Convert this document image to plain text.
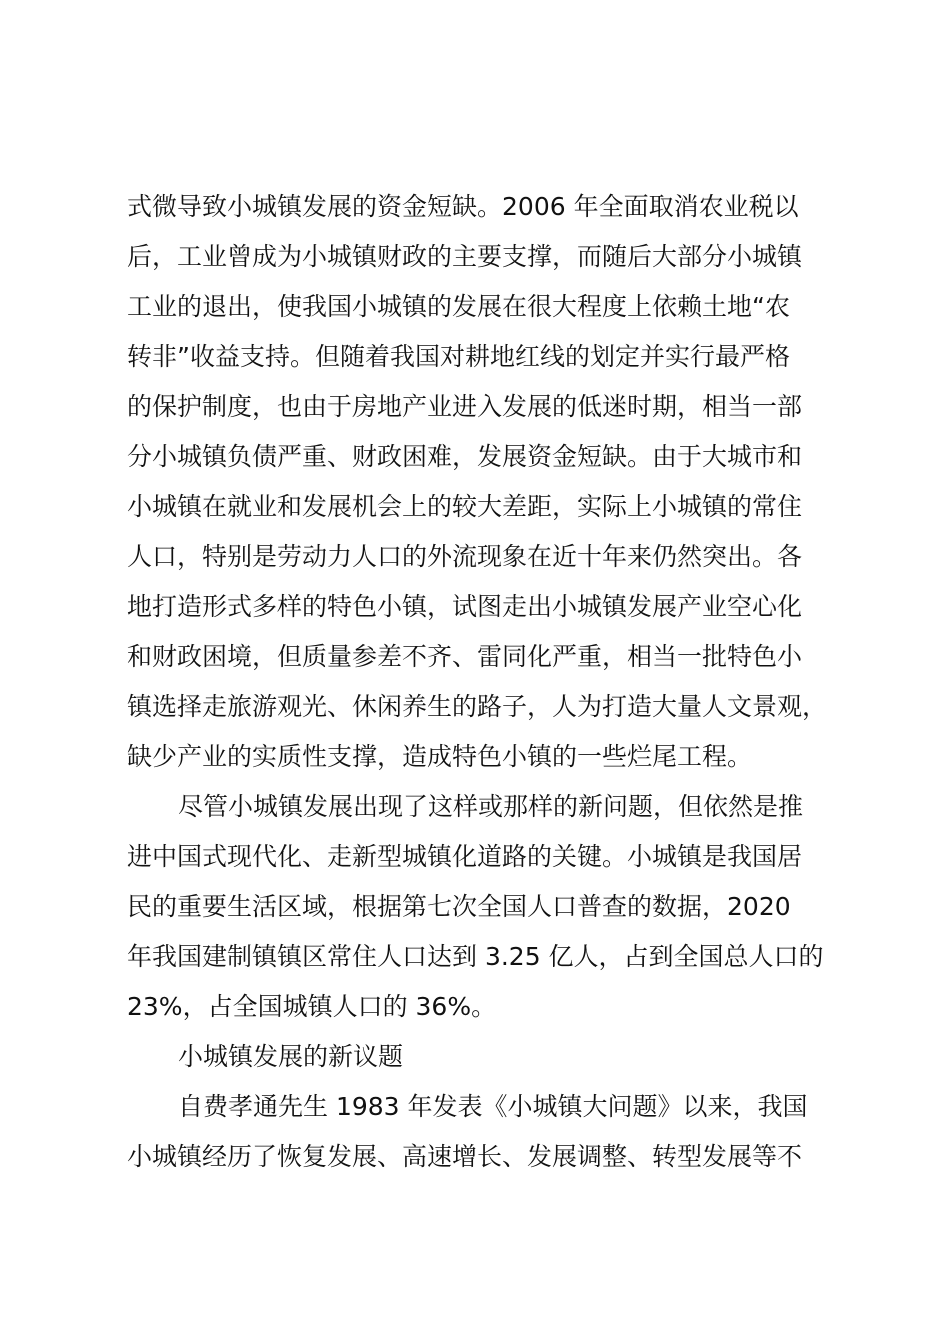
式微导致小城镇发展的资金短缺。2006 年全面取消农业税以
后，工业曾成为小城镇财政的主要支撑，而随后大部分小城镇
工业的退出，使我国小城镇的发展在很大程度上依赖土地“农
转非”收益支持。但随着我国对耕地红线的划定并实行最严格
的保护制度，也由于房地产业进入发展的低迷时期，相当一部
分小城镇负债严重、财政困难，发展资金短缺。由于大城市和
小城镇在就业和发展机会上的较大差距，实际上小城镇的常住
人口，特别是劳动力人口的外流现象在近十年来仍然突出。各
地打造形式多样的特色小镇，试图走出小城镇发展产业空心化
和财政困境，但质量参差不齐、雷同化严重，相当一批特色小
镇选择走旅游观光、休闲养生的路子，人为打造大量人文景观，
缺少产业的实质性支撑，造成特色小镇的一些烂尾工程。
尽管小城镇发展出现了这样或那样的新问题，但依然是推
进中国式现代化、走新型城镇化道路的关键。小城镇是我国居
民的重要生活区域，根据第七次全国人口普查的数据，2020
年我国建制镇镇区常住人口达到 3.25 亿人，占到全国总人口的
23%，占全国城镇人口的 36%。
小城镇发展的新议题
自费孝通先生 1983 年发表《小城镇大问题》以来，我国
小城镇经历了恢复发展、高速增长、发展调整、转型发展等不
